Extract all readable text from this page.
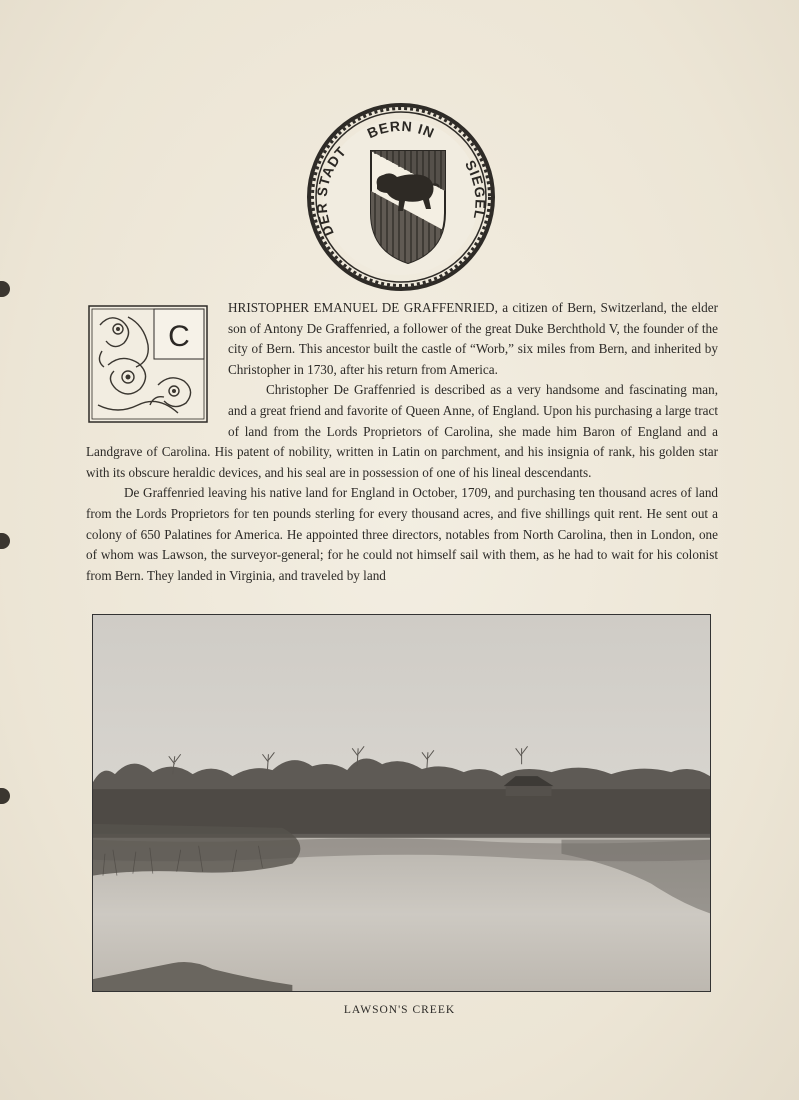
BERN IN
DER STADT
SIEGEL
C

HRISTOPHER EMANUEL DE GRAFFENRIED, a citizen of Bern, Switzerland, the elder son of Antony De Graffenried, a follower of the great Duke Berchthold V, the founder of the city of Bern. This ancestor built the castle of “Worb,” six miles from Bern, and inherited by Christopher in 1730, after his return from America.

Christopher De Graffenried is described as a very handsome and fascinating man, and a great friend and favorite of Queen Anne, of England. Upon his purchasing a large tract of land from the Lords Proprietors of Carolina, she made him Baron of England and a Landgrave of Carolina. His patent of nobility, written in Latin on parchment, and his insignia of rank, his golden star with its obscure heraldic devices, and his seal are in possession of one of his lineal descendants.

De Graffenried leaving his native land for England in October, 1709, and purchasing ten thousand acres of land from the Lords Proprietors for ten pounds sterling for every thousand acres, and five shillings quit rent. He sent out a colony of 650 Palatines for America. He appointed three directors, notables from North Carolina, then in London, one of whom was Lawson, the surveyor-general; for he could not himself sail with them, as he had to wait for his colonist from Bern. They landed in Virginia, and traveled by land

LAWSON'S CREEK
